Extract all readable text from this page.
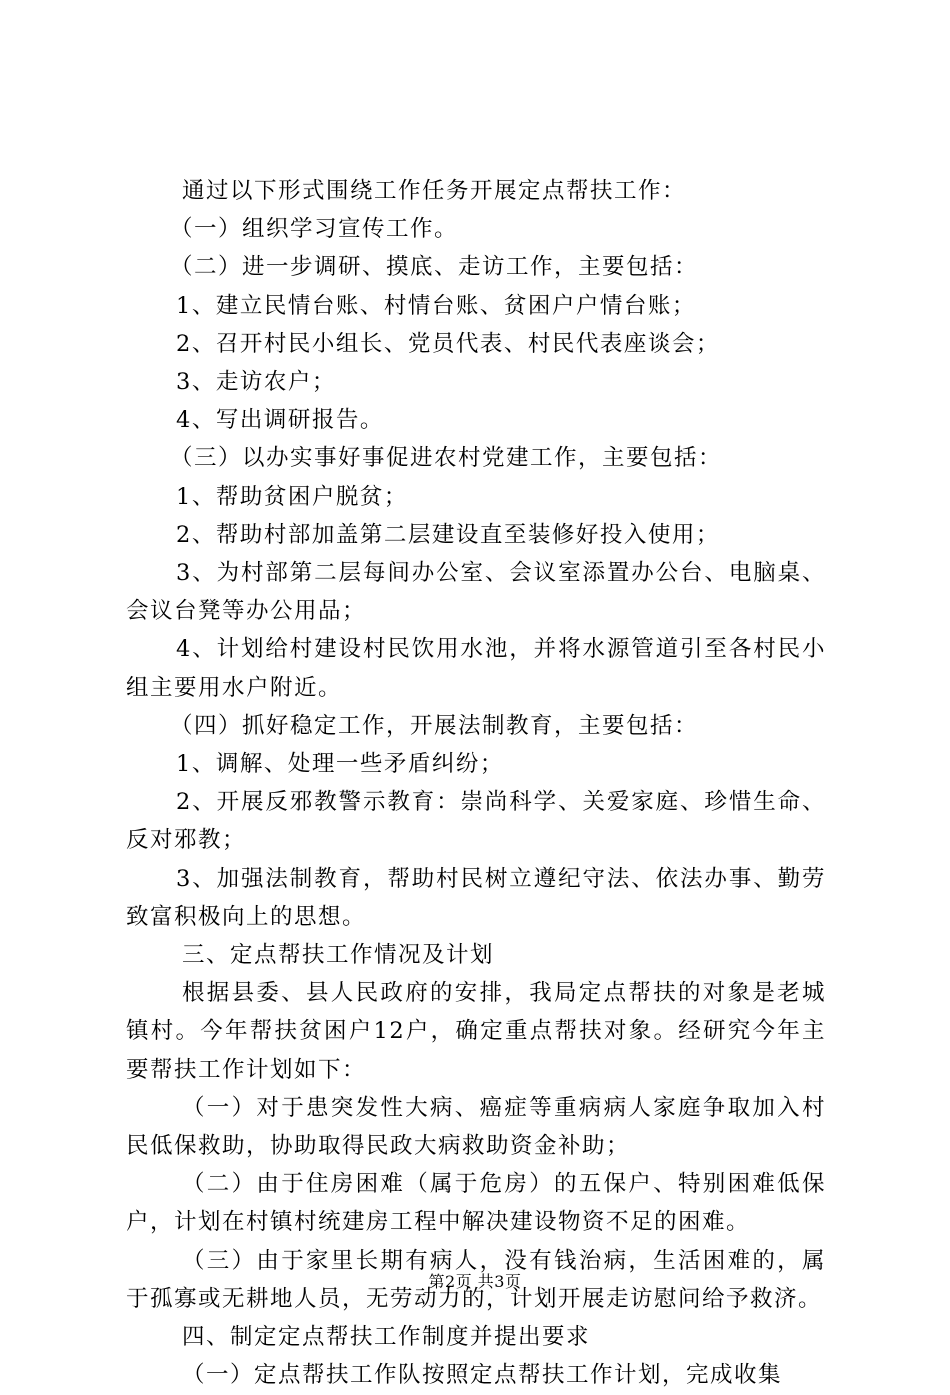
通过以下形式围绕工作任务开展定点帮扶工作：

（一）组织学习宣传工作。

（二）进一步调研、摸底、走访工作，主要包括：

1、建立民情台账、村情台账、贫困户户情台账；

2、召开村民小组长、党员代表、村民代表座谈会；

3、走访农户；

4、写出调研报告。

（三）以办实事好事促进农村党建工作，主要包括：

1、帮助贫困户脱贫；

2、帮助村部加盖第二层建设直至装修好投入使用；

3、为村部第二层每间办公室、会议室添置办公台、电脑桌、会议台凳等办公用品；

4、计划给村建设村民饮用水池，并将水源管道引至各村民小组主要用水户附近。

（四）抓好稳定工作，开展法制教育，主要包括：

1、调解、处理一些矛盾纠纷；

2、开展反邪教警示教育：崇尚科学、关爱家庭、珍惜生命、反对邪教；

3、加强法制教育，帮助村民树立遵纪守法、依法办事、勤劳致富积极向上的思想。

三、定点帮扶工作情况及计划

根据县委、县人民政府的安排，我局定点帮扶的对象是老城镇村。今年帮扶贫困户12户，确定重点帮扶对象。经研究今年主要帮扶工作计划如下：

（一）对于患突发性大病、癌症等重病病人家庭争取加入村民低保救助，协助取得民政大病救助资金补助；

（二）由于住房困难（属于危房）的五保户、特别困难低保户，计划在村镇村统建房工程中解决建设物资不足的困难。

（三）由于家里长期有病人，没有钱治病，生活困难的，属于孤寡或无耕地人员，无劳动力的，计划开展走访慰问给予救济。

四、制定定点帮扶工作制度并提出要求

（一）定点帮扶工作队按照定点帮扶工作计划，完成收集

第2页 共3页
